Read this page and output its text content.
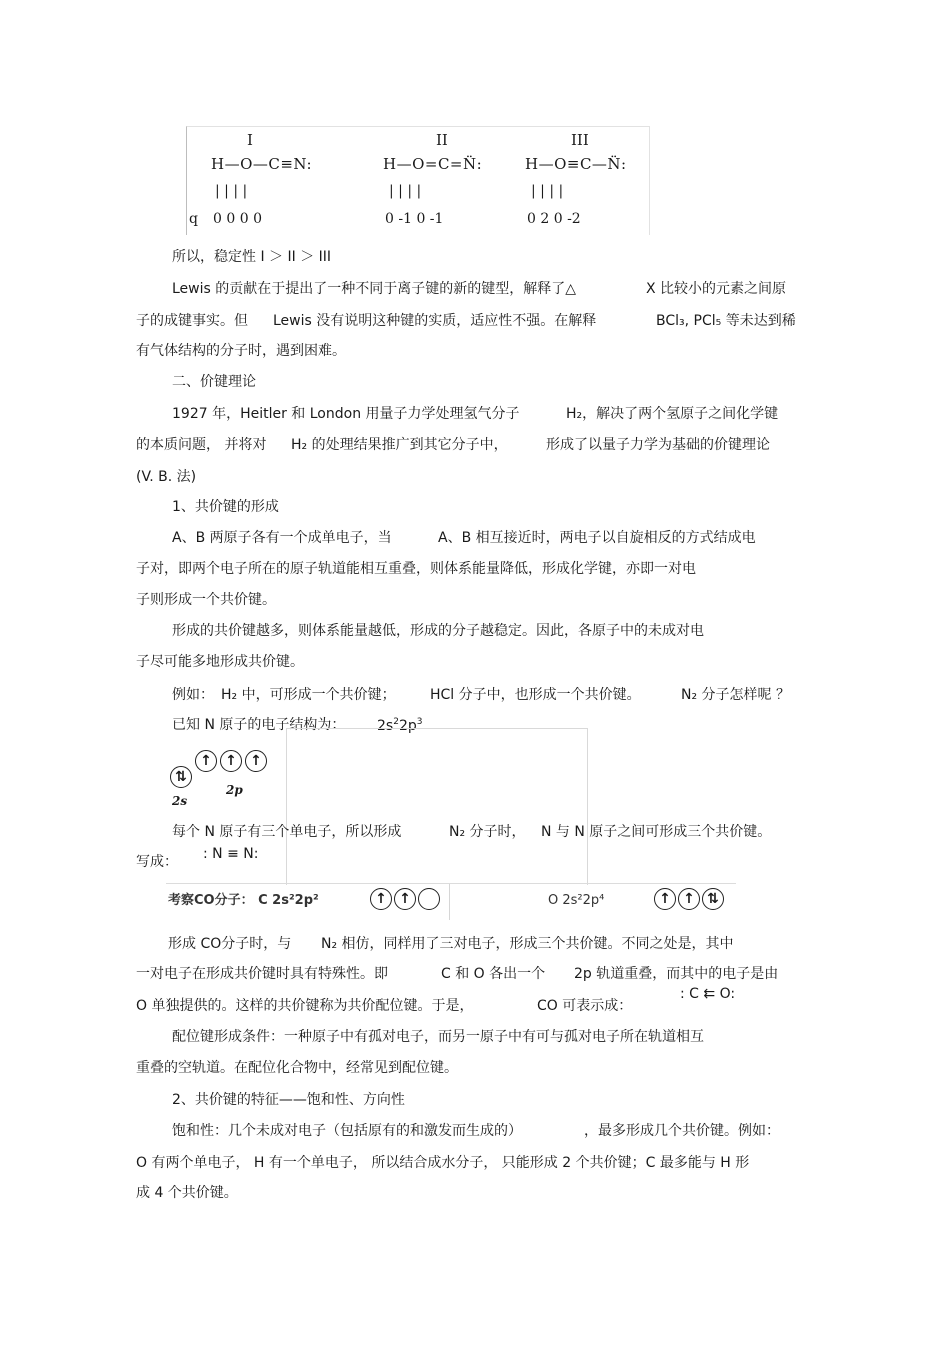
I	II	III
H—O—C≡N:	H—O=C=N̈:	H—O≡C—N̈:
| | | |	| | | |	| | | |
q 0 0 0 0	0 -1 0 -1	0 2 0 -2
所以，稳定性 I ＞ II ＞ III
Lewis 的贡献在于提出了一种不同于离子键的新的键型，解释了△	X 比较小的元素之间原
子的成键事实。但 Lewis 没有说明这种键的实质，适应性不强。在解释	BCl₃, PCl₅ 等未达到稀
有气体结构的分子时，遇到困难。
二、价键理论
1927 年，Heitler 和 London 用量子力学处理氢气分子	H₂，解决了两个氢原子之间化学键
的本质问题， 并将对 H₂ 的处理结果推广到其它分子中，	形成了以量子力学为基础的价键理论
(V. B. 法)
1、共价键的形成
A、B 两原子各有一个成单电子，当	A、B 相互接近时，两电子以自旋相反的方式结成电
子对，即两个电子所在的原子轨道能相互重叠，则体系能量降低，形成化学键，亦即一对电
子则形成一个共价键。
形成的共价键越多，则体系能量越低，形成的分子越稳定。因此，各原子中的未成对电
子尽可能多地形成共价键。
例如： H₂ 中，可形成一个共价键； HCl 分子中，也形成一个共价键。	N₂ 分子怎样呢 ？
已知 N 原子的电子结构为： $2s^22p^3$
⇅
↑ ↑ ↑
2s
2p
每个 N 原子有三个单电子，所以形成	N₂ 分子时， N 与 N 原子之间可形成三个共价键。
: N ≡ N:
写成：
考察CO分子： C 2s²2p²	↑ ↑	O 2s²2p⁴	↑ ↑ ⇅
形成 CO分子时，与 N₂ 相仿，同样用了三对电子，形成三个共价键。不同之处是，其中
一对电子在形成共价键时具有特殊性。即	C 和 O 各出一个 2p 轨道重叠，而其中的电子是由
: C ⇇ O:
O 单独提供的。这样的共价键称为共价配位键。于是，	CO 可表示成：
配位键形成条件：一种原子中有孤对电子，而另一原子中有可与孤对电子所在轨道相互
重叠的空轨道。在配位化合物中，经常见到配位键。
2、共价键的特征——饱和性、方向性
饱和性：几个未成对电子（包括原有的和激发而生成的）	，最多形成几个共价键。例如：
O 有两个单电子， H 有一个单电子， 所以结合成水分子， 只能形成 2 个共价键；C 最多能与 H 形
成 4 个共价键。
